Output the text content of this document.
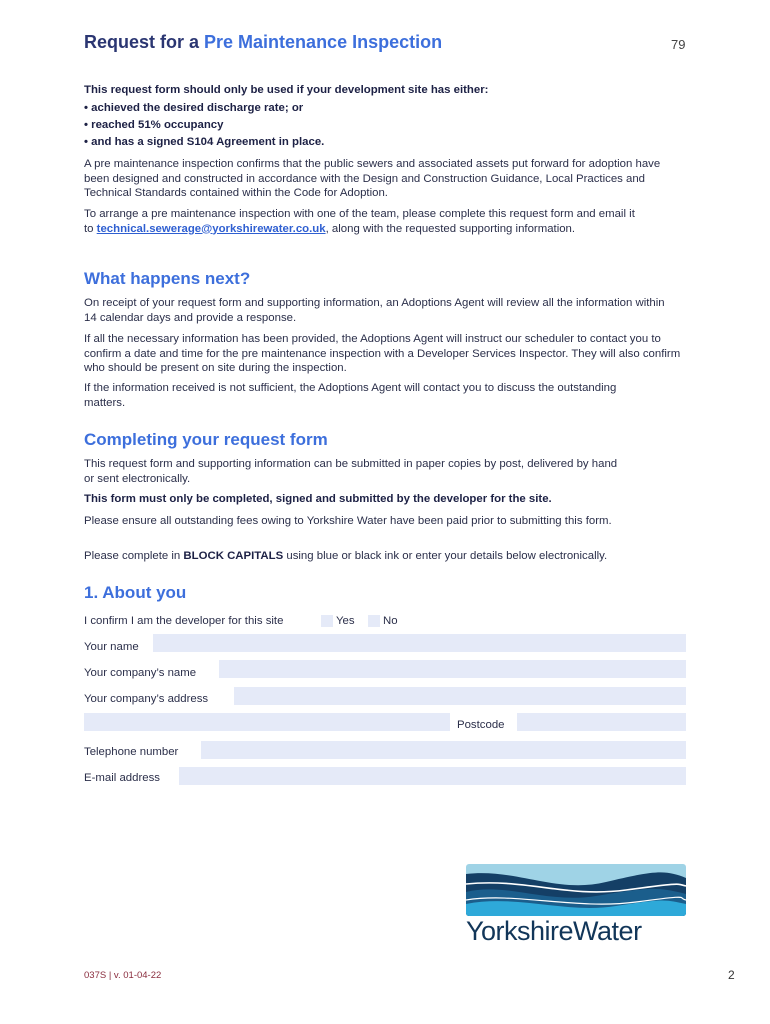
Request for a Pre Maintenance Inspection	79
This request form should only be used if your development site has either:
• achieved the desired discharge rate; or
• reached 51% occupancy
• and has a signed S104 Agreement in place.
A pre maintenance inspection confirms that the public sewers and associated assets put forward for adoption have been designed and constructed in accordance with the Design and Construction Guidance, Local Practices and Technical Standards contained within the Code for Adoption.
To arrange a pre maintenance inspection with one of the team, please complete this request form and email it to technical.sewerage@yorkshirewater.co.uk, along with the requested supporting information.
What happens next?
On receipt of your request form and supporting information, an Adoptions Agent will review all the information within 14 calendar days and provide a response.
If all the necessary information has been provided, the Adoptions Agent will instruct our scheduler to contact you to confirm a date and time for the pre maintenance inspection with a Developer Services Inspector. They will also confirm who should be present on site during the inspection.
If the information received is not sufficient, the Adoptions Agent will contact you to discuss the outstanding matters.
Completing your request form
This request form and supporting information can be submitted in paper copies by post, delivered by hand or sent electronically.
This form must only be completed, signed and submitted by the developer for the site.
Please ensure all outstanding fees owing to Yorkshire Water have been paid prior to submitting this form.
Please complete in BLOCK CAPITALS using blue or black ink or enter your details below electronically.
1. About you
I confirm I am the developer for this site	Yes No
Your name
Your company’s name
Your company’s address
Postcode
Telephone number
E-mail address
YorkshireWater
037S | v. 01-04-22	2
